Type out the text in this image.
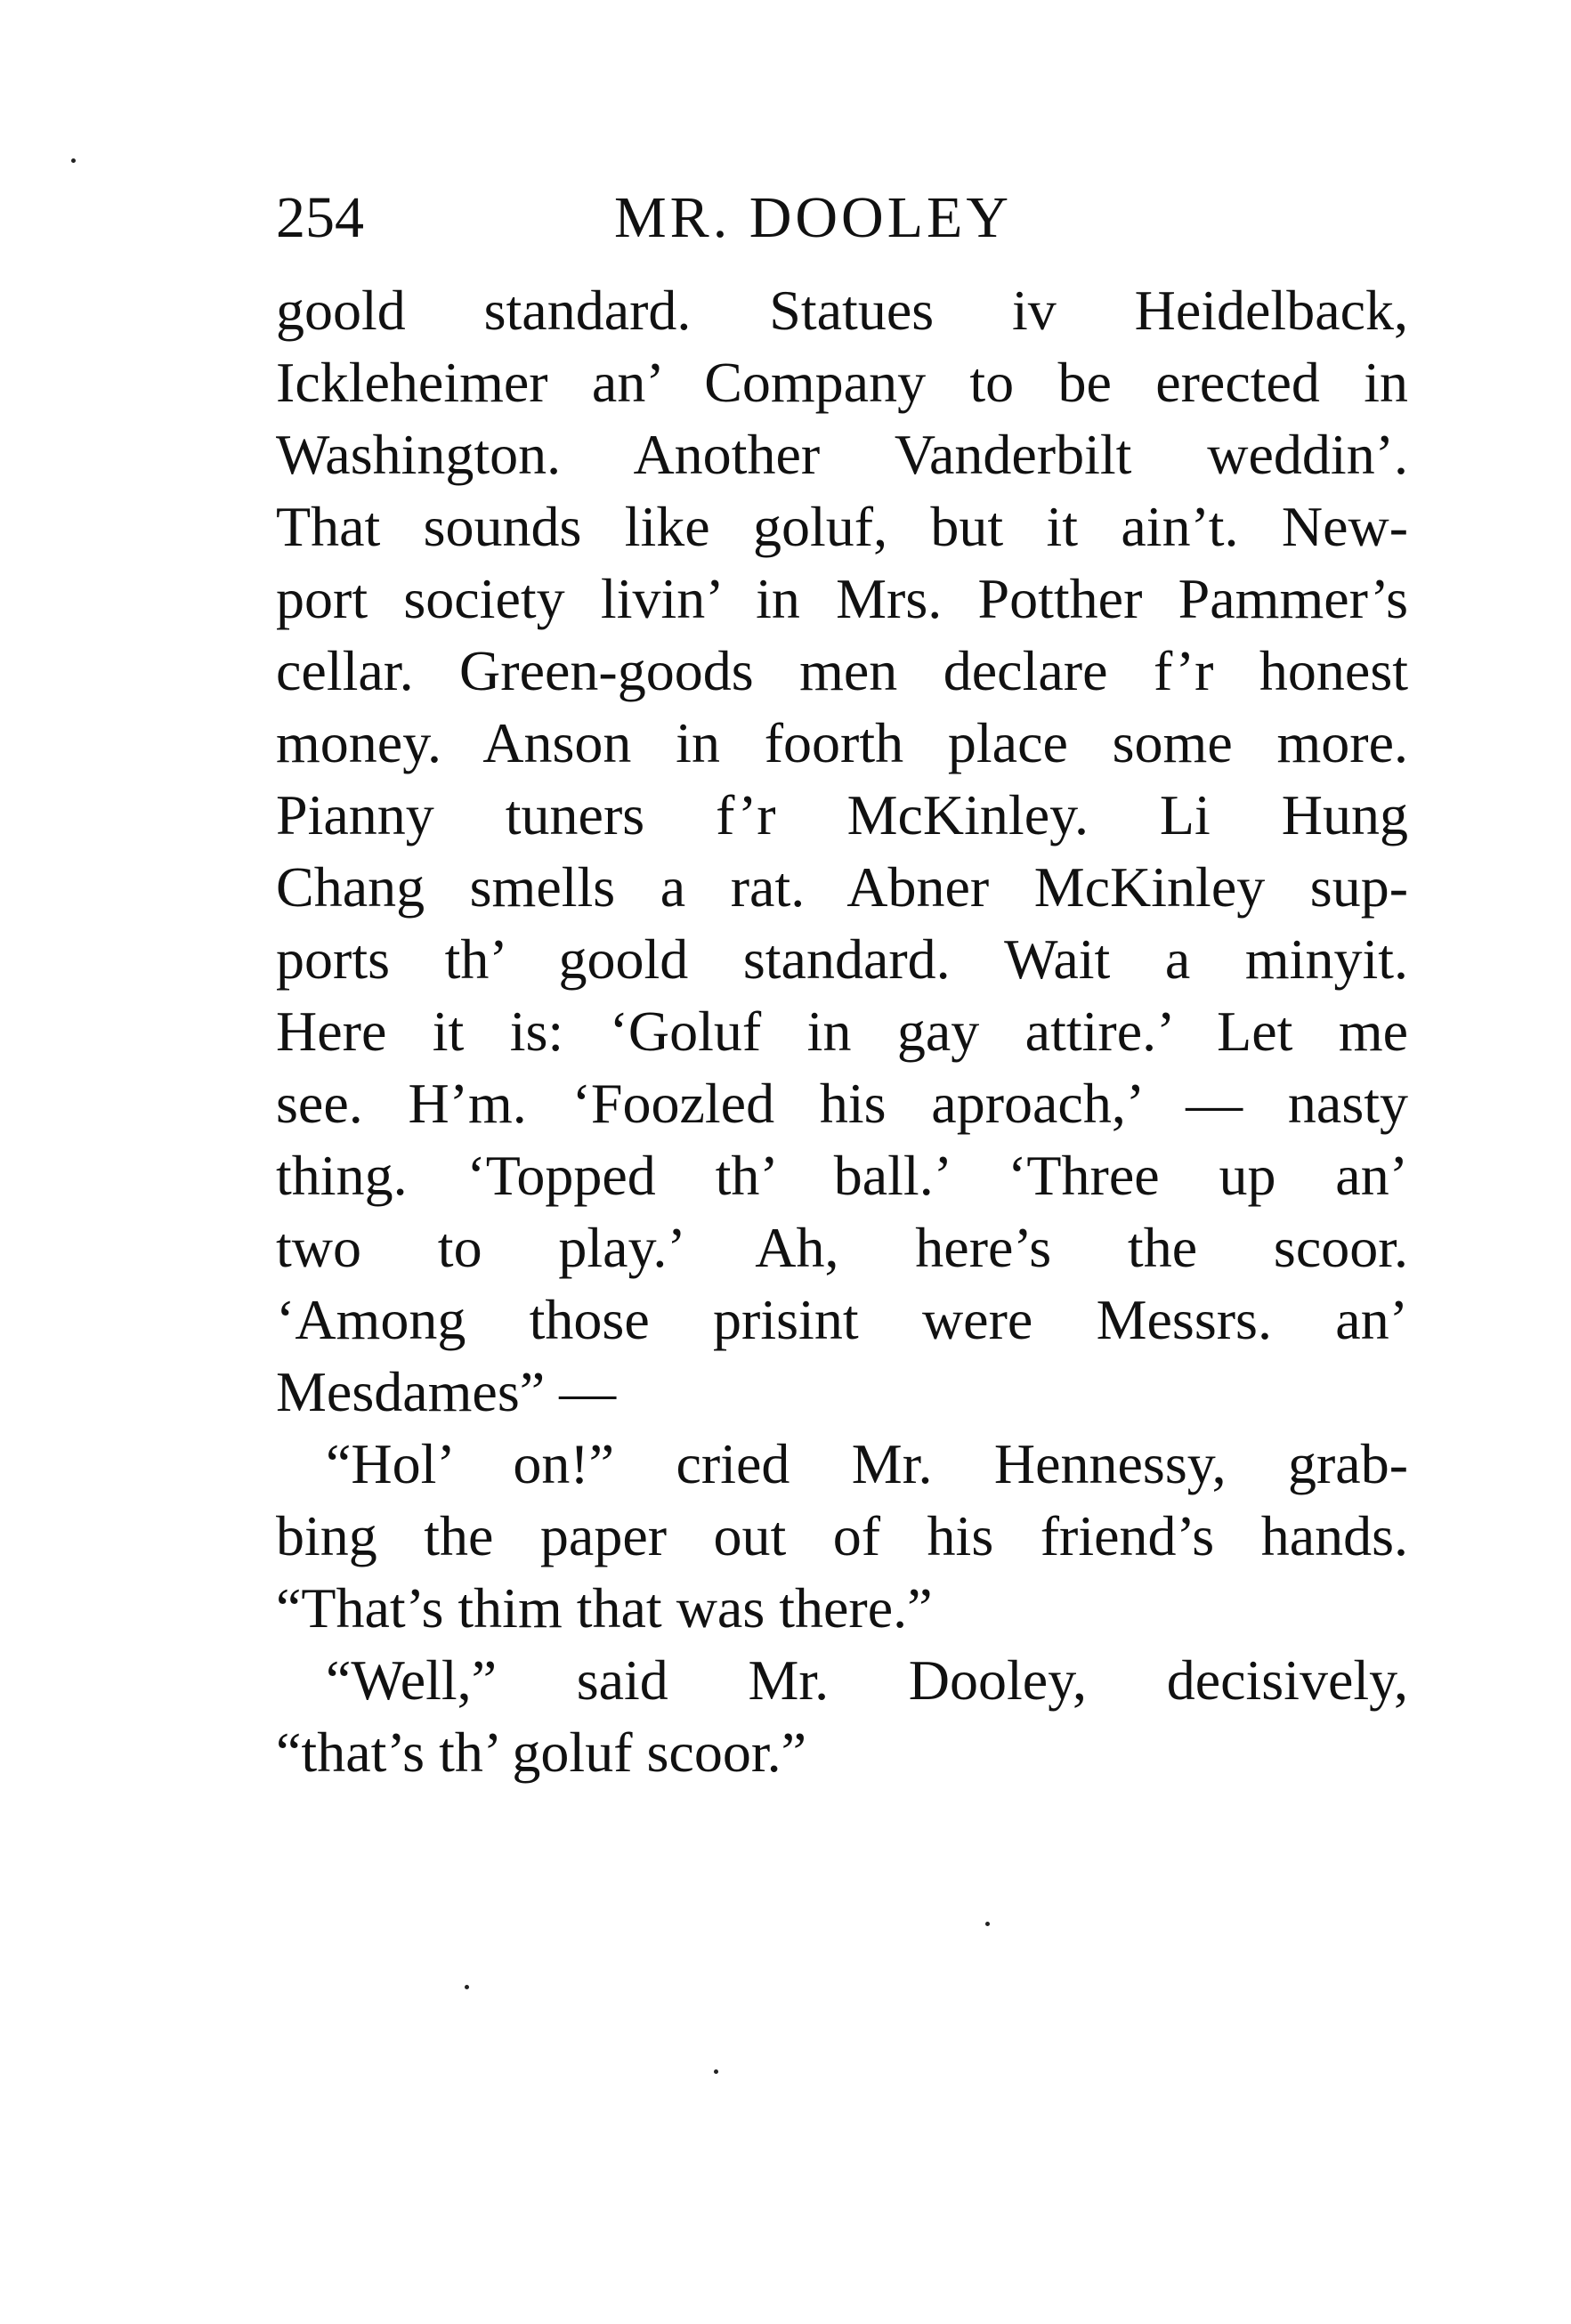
254	MR. DOOLEY
goold standard. Statues iv Heidelback,
Ickleheimer an’ Company to be erected in
Washington. Another Vanderbilt weddin’.
That sounds like goluf, but it ain’t. New-
port society livin’ in Mrs. Potther Pammer’s
cellar. Green-goods men declare f’r honest
money. Anson in foorth place some more.
Pianny tuners f’r McKinley. Li Hung
Chang smells a rat. Abner McKinley sup-
ports th’ goold standard. Wait a minyit.
Here it is: ‘Goluf in gay attire.’ Let me
see. H’m. ‘Foozled his aproach,’ — nasty
thing. ‘Topped th’ ball.’ ‘Three up an’
two to play.’ Ah, here’s the scoor.
‘Among those prisint were Messrs. an’
Mesdames” —
“Hol’ on!” cried Mr. Hennessy, grab-
bing the paper out of his friend’s hands.
“That’s thim that was there.”
“Well,” said Mr. Dooley, decisively,
“that’s th’ goluf scoor.”
